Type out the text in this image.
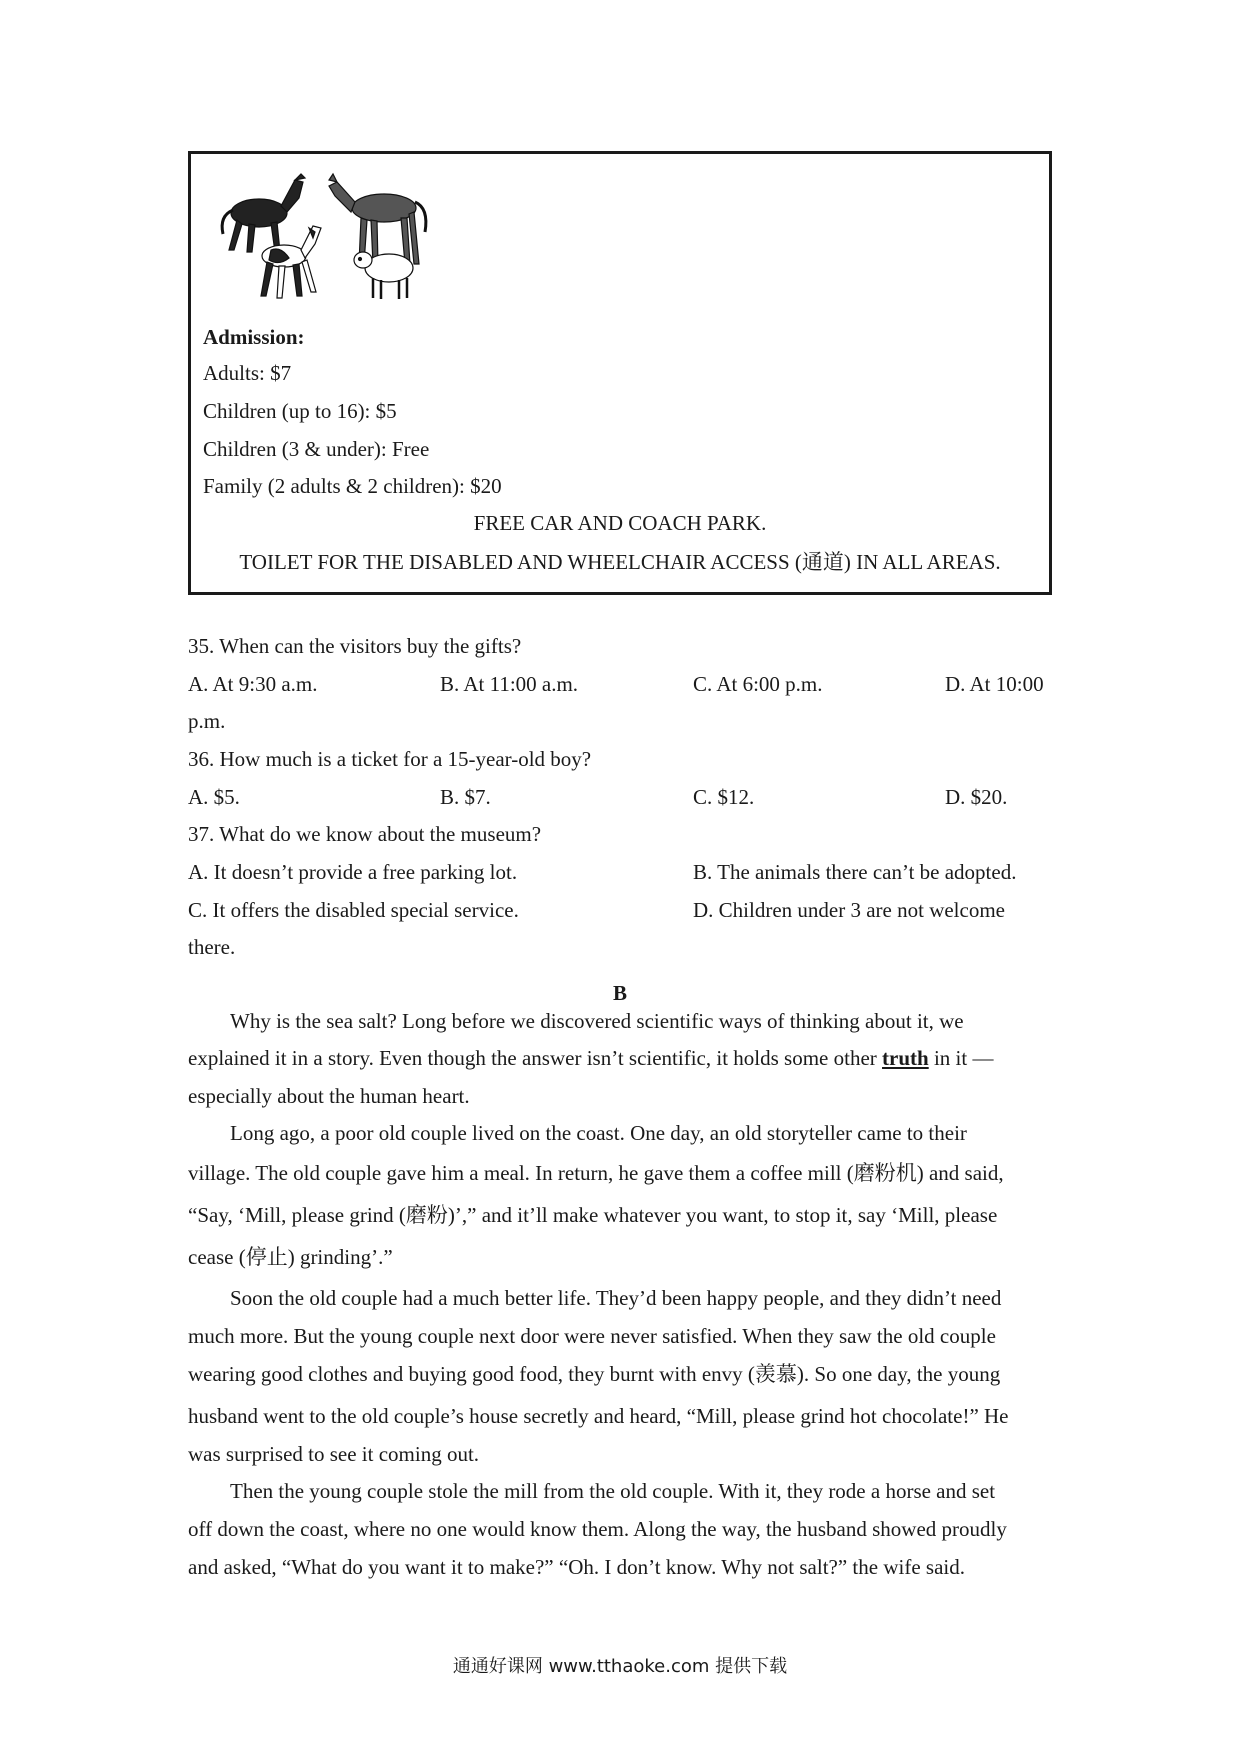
Admission:
Adults: $7
Children (up to 16): $5
Children (3 & under): Free
Family (2 adults & 2 children): $20
FREE CAR AND COACH PARK.
TOILET FOR THE DISABLED AND WHEELCHAIR ACCESS (通道) IN ALL AREAS.
35. When can the visitors buy the gifts?
A. At 9:30 a.m.	B. At 11:00 a.m.	C. At 6:00 p.m.	D. At 10:00
p.m.
36. How much is a ticket for a 15-year-old boy?
A. $5.	B. $7.	C. $12.	D. $20.
37. What do we know about the museum?
A. It doesn’t provide a free parking lot.	B. The animals there can’t be adopted.
C. It offers the disabled special service.	D. Children under 3 are not welcome
there.
B
Why is the sea salt? Long before we discovered scientific ways of thinking about it, we
explained it in a story. Even though the answer isn’t scientific, it holds some other truth in it —
especially about the human heart.
Long ago, a poor old couple lived on the coast. One day, an old storyteller came to their
village. The old couple gave him a meal. In return, he gave them a coffee mill (磨粉机) and said,
“Say, ‘Mill, please grind (磨粉)’,” and it’ll make whatever you want, to stop it, say ‘Mill, please
cease (停止) grinding’.”
Soon the old couple had a much better life. They’d been happy people, and they didn’t need
much more. But the young couple next door were never satisfied. When they saw the old couple
wearing good clothes and buying good food, they burnt with envy (羡慕). So one day, the young
husband went to the old couple’s house secretly and heard, “Mill, please grind hot chocolate!” He
was surprised to see it coming out.
Then the young couple stole the mill from the old couple. With it, they rode a horse and set
off down the coast, where no one would know them. Along the way, the husband showed proudly
and asked, “What do you want it to make?” “Oh. I don’t know. Why not salt?” the wife said.
通通好课网 www.tthaoke.com 提供下载
